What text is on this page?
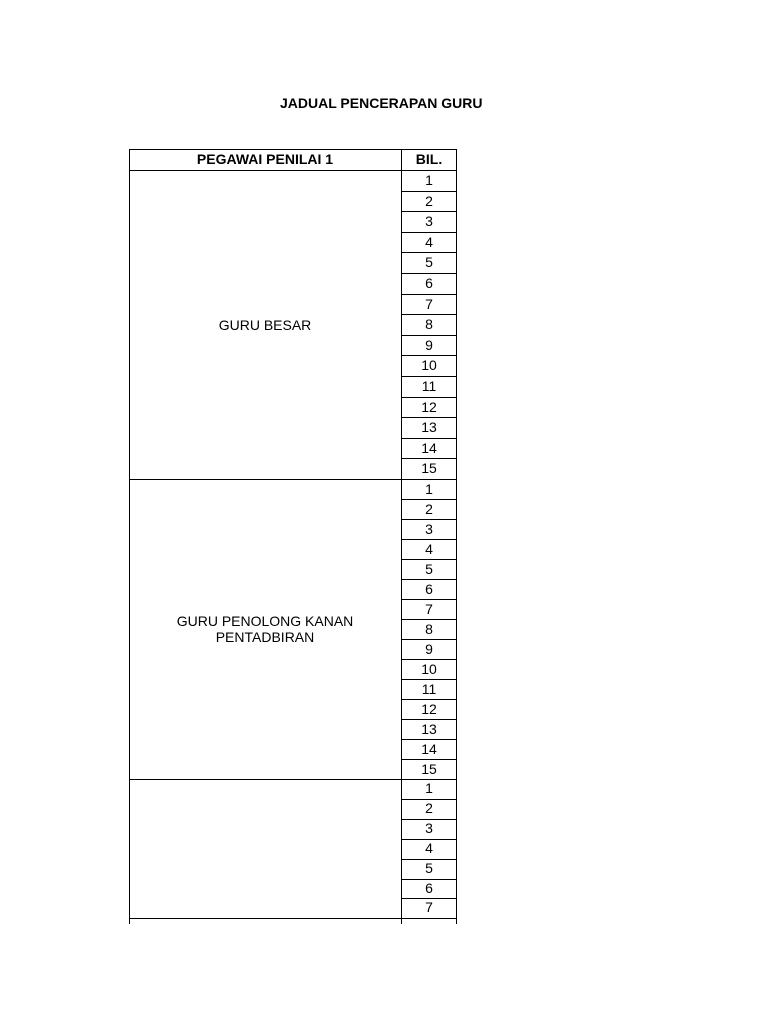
JADUAL PENCERAPAN GURU
PEGAWAI PENILAI 1	BIL.
1
2
3
4
5
6
7
8
9
10
11
12
13
14
15
GURU BESAR
1
2
3
4
5
6
7
8
9
10
11
12
13
14
15
GURU PENOLONG KANAN
PENTADBIRAN
1
2
3
4
5
6
7
